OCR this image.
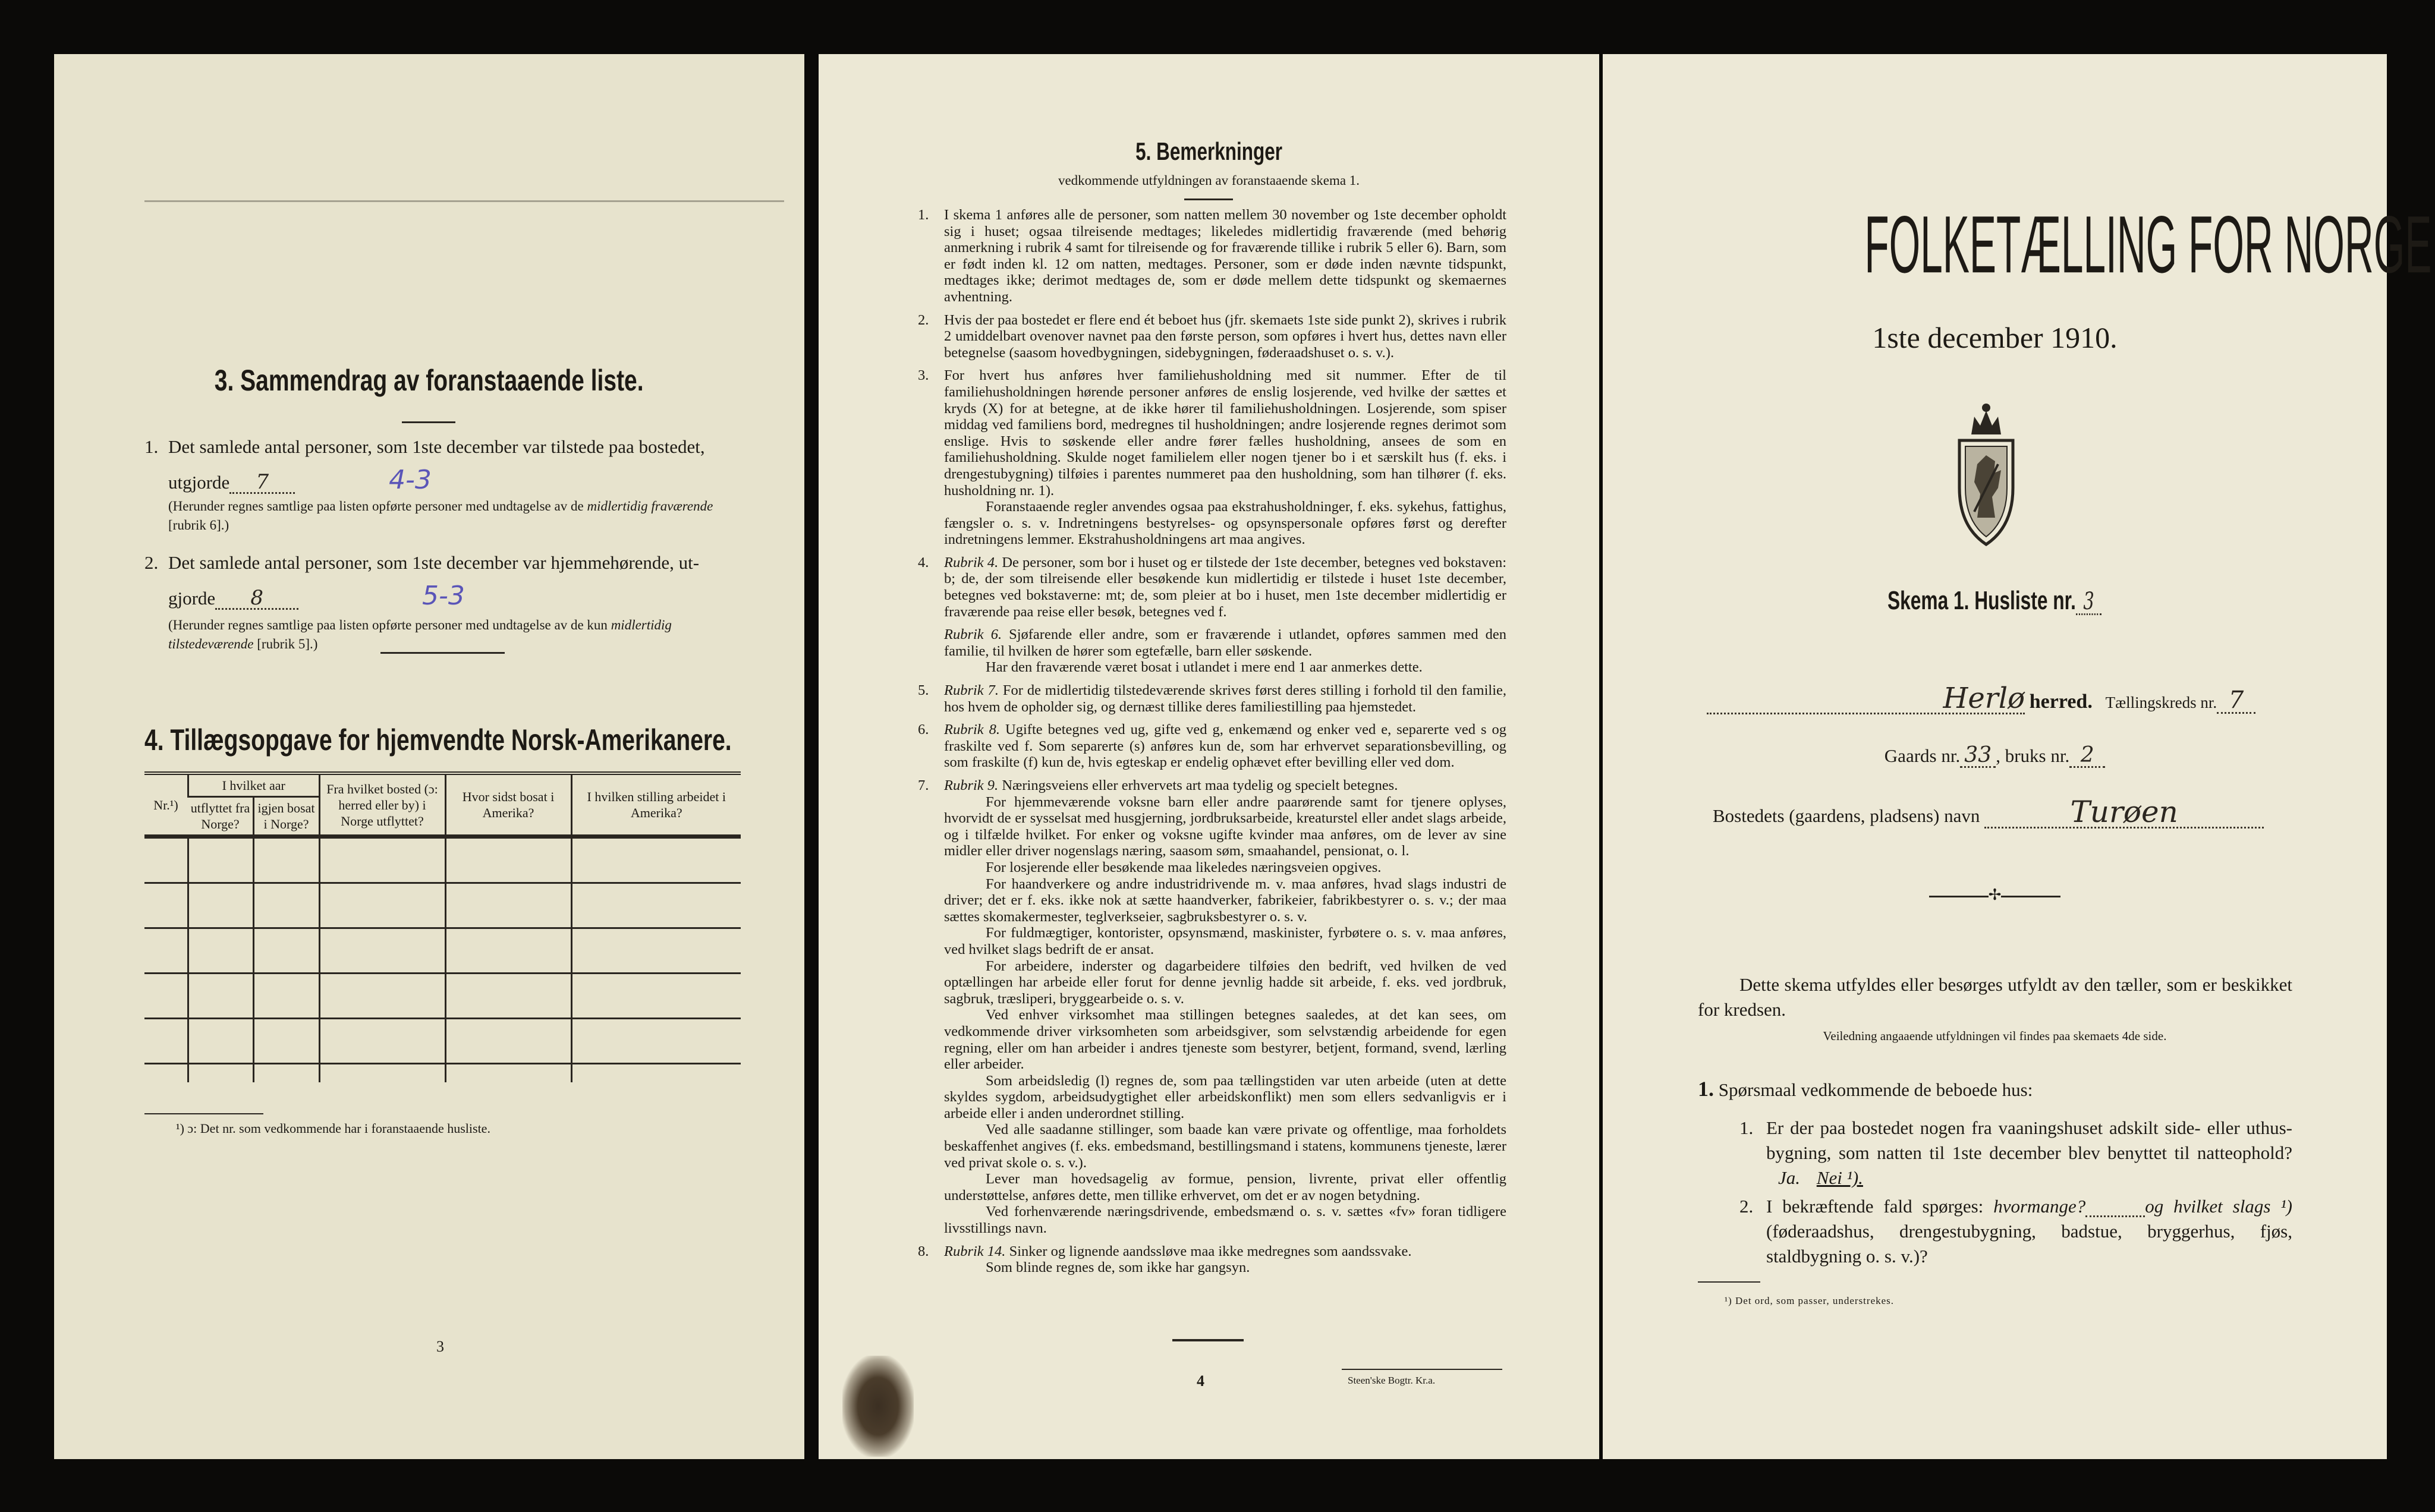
3. Sammendrag av foranstaaende liste.
1. Det samlede antal personer, som 1ste december var tilstede paa bostedet,
utgjorde 7	4-3
(Herunder regnes samtlige paa listen opførte personer med undtagelse av de midlertidig fraværende [rubrik 6].)
2. Det samlede antal personer, som 1ste december var hjemmehørende, ut-
gjorde 8	5-3
(Herunder regnes samtlige paa listen opførte personer med undtagelse av de kun midlertidig tilstedeværende [rubrik 5].)
4. Tillægsopgave for hjemvendte Norsk-Amerikanere.
Nr.¹)	I hvilket aar		Fra hvilket bosted (ɔ: herred eller by) i Norge utflyttet?	Hvor sidst bosat i Amerika?	I hvilken stilling arbeidet i Amerika?
	utflyttet fra Norge?	igjen bosat i Norge?			

¹) ɔ: Det nr. som vedkommende har i foranstaaende husliste.
3
5. Bemerkninger
vedkommende utfyldningen av foranstaaende skema 1.
1. I skema 1 anføres alle de personer, som natten mellem 30 november og 1ste december opholdt sig i huset; ogsaa tilreisende medtages; likeledes midlertidig fraværende (med behørig anmerkning i rubrik 4 samt for tilreisende og for fraværende tillike i rubrik 5 eller 6). Barn, som er født inden kl. 12 om natten, medtages. Personer, som er døde inden nævnte tidspunkt, medtages ikke; derimot medtages de, som er døde mellem dette tidspunkt og skemaernes avhentning.

2. Hvis der paa bostedet er flere end ét beboet hus (jfr. skemaets 1ste side punkt 2), skrives i rubrik 2 umiddelbart ovenover navnet paa den første person, som opføres i hvert hus, dettes navn eller betegnelse (saasom hovedbygningen, sidebygningen, føderaadshuset o. s. v.).

3. For hvert hus anføres hver familiehusholdning med sit nummer. Efter de til familiehusholdningen hørende personer anføres de enslig losjerende, ved hvilke der sættes et kryds (X) for at betegne, at de ikke hører til familiehusholdningen. Losjerende, som spiser middag ved familiens bord, medregnes til husholdningen; andre losjerende regnes derimot som enslige. Hvis to søskende eller andre fører fælles husholdning, ansees de som en familiehusholdning. Skulde noget familielem eller nogen tjener bo i et særskilt hus (f. eks. i drengestubygning) tilføies i parentes nummeret paa den husholdning, som han tilhører (f. eks. husholdning nr. 1).

Foranstaaende regler anvendes ogsaa paa ekstrahusholdninger, f. eks. sykehus, fattighus, fængsler o. s. v. Indretningens bestyrelses- og opsynspersonale opføres først og derefter indretningens lemmer. Ekstrahusholdningens art maa angives.

4. Rubrik 4. De personer, som bor i huset og er tilstede der 1ste december, betegnes ved bokstaven: b; de, der som tilreisende eller besøkende kun midlertidig er tilstede i huset 1ste december, betegnes ved bokstaverne: mt; de, som pleier at bo i huset, men 1ste december midlertidig er fraværende paa reise eller besøk, betegnes ved f.

Rubrik 6. Sjøfarende eller andre, som er fraværende i utlandet, opføres sammen med den familie, til hvilken de hører som egtefælle, barn eller søskende.

Har den fraværende været bosat i utlandet i mere end 1 aar anmerkes dette.

5. Rubrik 7. For de midlertidig tilstedeværende skrives først deres stilling i forhold til den familie, hos hvem de opholder sig, og dernæst tillike deres familiestilling paa hjemstedet.

6. Rubrik 8. Ugifte betegnes ved ug, gifte ved g, enkemænd og enker ved e, separerte ved s og fraskilte ved f. Som separerte (s) anføres kun de, som har erhvervet separationsbevilling, og som fraskilte (f) kun de, hvis egteskap er endelig ophævet efter bevilling eller ved dom.

7. Rubrik 9. Næringsveiens eller erhvervets art maa tydelig og specielt betegnes.

For hjemmeværende voksne barn eller andre paarørende samt for tjenere oplyses, hvorvidt de er sysselsat med husgjerning, jordbruksarbeide, kreaturstel eller andet slags arbeide, og i tilfælde hvilket. For enker og voksne ugifte kvinder maa anføres, om de lever av sine midler eller driver nogenslags næring, saasom søm, smaahandel, pensionat, o. l.

For losjerende eller besøkende maa likeledes næringsveien opgives.

For haandverkere og andre industridrivende m. v. maa anføres, hvad slags industri de driver; det er f. eks. ikke nok at sætte haandverker, fabrikeier, fabrikbestyrer o. s. v.; der maa sættes skomakermester, teglverkseier, sagbruksbestyrer o. s. v.

For fuldmægtiger, kontorister, opsynsmænd, maskinister, fyrbøtere o. s. v. maa anføres, ved hvilket slags bedrift de er ansat.

For arbeidere, inderster og dagarbeidere tilføies den bedrift, ved hvilken de ved optællingen har arbeide eller forut for denne jevnlig hadde sit arbeide, f. eks. ved jordbruk, sagbruk, træsliperi, bryggearbeide o. s. v.

Ved enhver virksomhet maa stillingen betegnes saaledes, at det kan sees, om vedkommende driver virksomheten som arbeidsgiver, som selvstændig arbeidende for egen regning, eller om han arbeider i andres tjeneste som bestyrer, betjent, formand, svend, lærling eller arbeider.

Som arbeidsledig (l) regnes de, som paa tællingstiden var uten arbeide (uten at dette skyldes sygdom, arbeidsudygtighet eller arbeidskonflikt) men som ellers sedvanligvis er i arbeide eller i anden underordnet stilling.

Ved alle saadanne stillinger, som baade kan være private og offentlige, maa forholdets beskaffenhet angives (f. eks. embedsmand, bestillingsmand i statens, kommunens tjeneste, lærer ved privat skole o. s. v.).

Lever man hovedsagelig av formue, pension, livrente, privat eller offentlig understøttelse, anføres dette, men tillike erhvervet, om det er av nogen betydning.

Ved forhenværende næringsdrivende, embedsmænd o. s. v. sættes «fv» foran tidligere livsstillings navn.

8. Rubrik 14. Sinker og lignende aandssløve maa ikke medregnes som aandssvake.

Som blinde regnes de, som ikke har gangsyn.

4	Steen'ske Bogtr. Kr.a.
FOLKETÆLLING FOR NORGE
1ste december 1910.
Skema 1. Husliste nr. 3
Herlø herred. Tællingskreds nr. 7
Gaards nr. 33 , bruks nr. 2
Bostedets (gaardens, pladsens) navn	Turøen
✢
Dette skema utfyldes eller besørges utfyldt av den tæller, som er beskikket for kredsen.
Veiledning angaaende utfyldningen vil findes paa skemaets 4de side.
1. Spørsmaal vedkommende de beboede hus:
1. Er der paa bostedet nogen fra vaaningshuset adskilt side- eller uthus-bygning, som natten til 1ste december blev benyttet til natteophold? Ja. Nei ¹).
2. I bekræftende fald spørges: hvormange?	og hvilket slags ¹) (føderaadshus, drengestubygning, badstue, bryggerhus, fjøs, staldbygning o. s. v.)?
¹) Det ord, som passer, understrekes.
